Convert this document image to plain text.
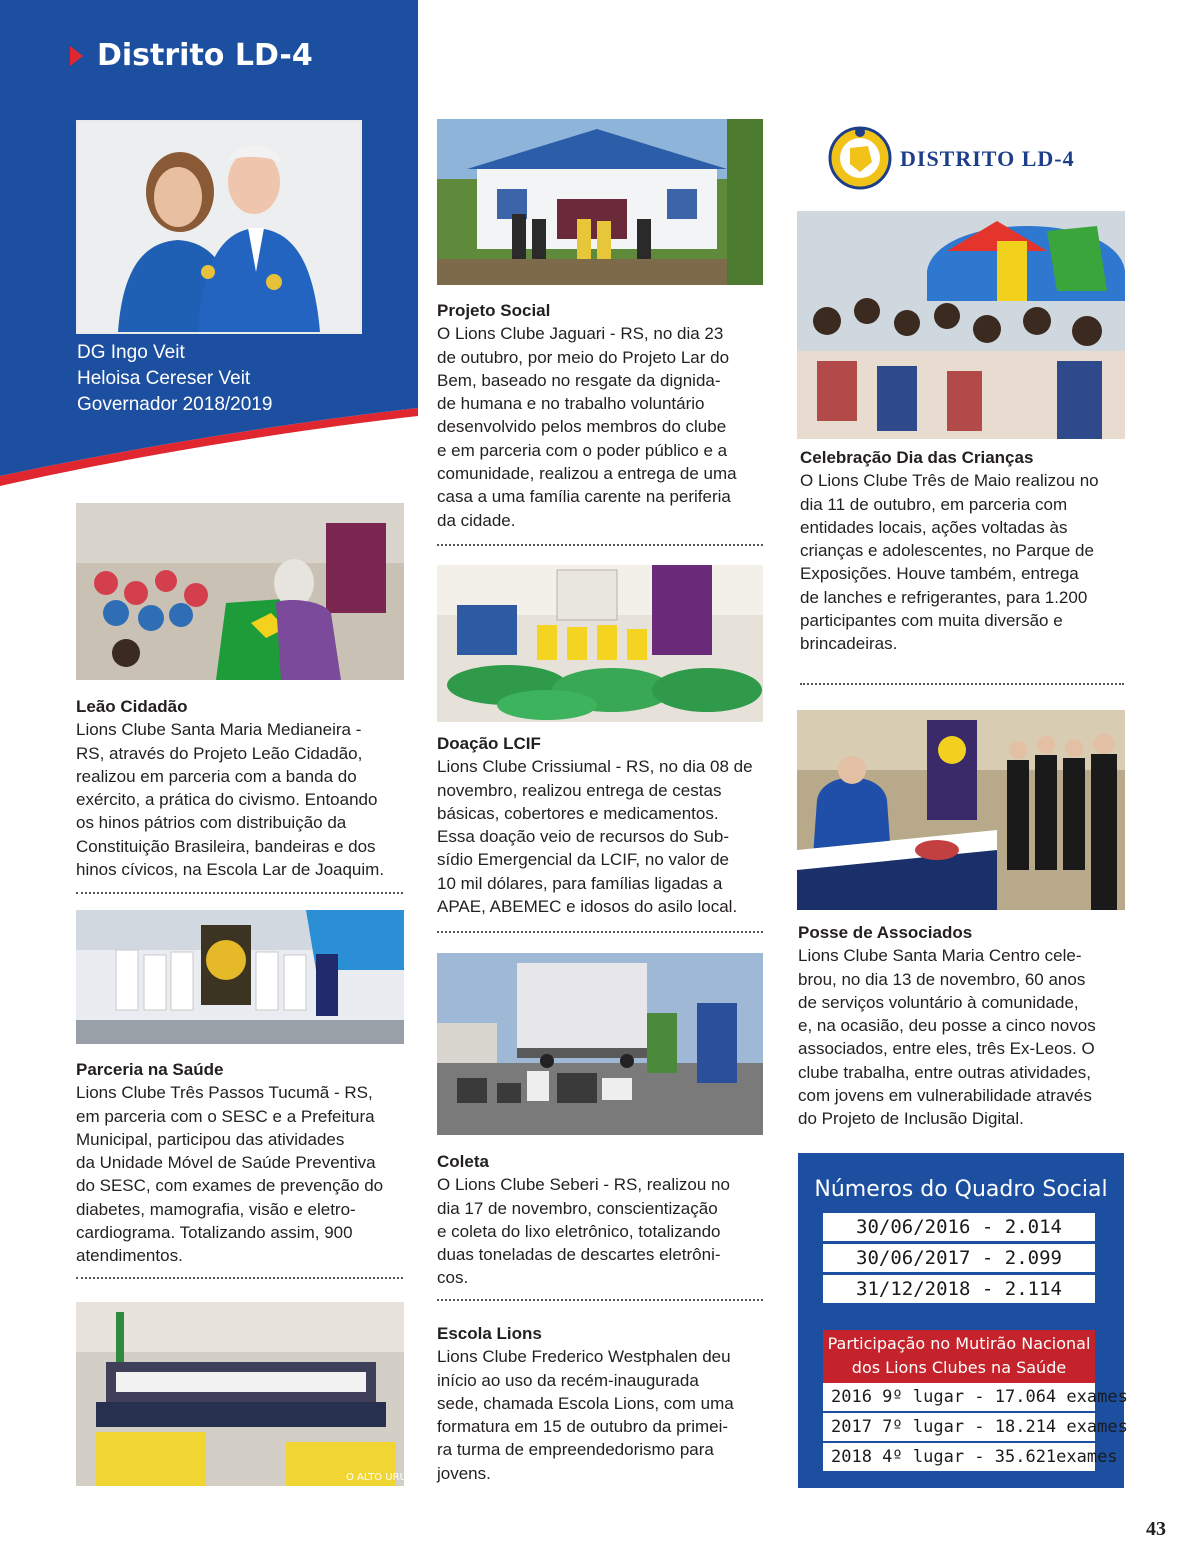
Distrito LD-4
DG Ingo Veit
Heloisa Cereser Veit
Governador 2018/2019
Leão Cidadão
Lions Clube Santa Maria Medianeira -
RS, através do Projeto Leão Cidadão,
realizou em parceria com a banda do
exército, a prática do civismo. Entoando
os hinos pátrios com distribuição da
Constituição Brasileira, bandeiras e dos
hinos cívicos, na Escola Lar de Joaquim.
Parceria na Saúde
Lions Clube Três Passos Tucumã - RS,
em parceria com o SESC e a Prefeitura
Municipal, participou das atividades
da Unidade Móvel de Saúde Preventiva
do SESC, com exames de prevenção do
diabetes, mamografia, visão e eletro-
cardiograma. Totalizando assim, 900
atendimentos.
O ALTO URUGUAI
Projeto Social
O Lions Clube Jaguari - RS, no dia 23
de outubro, por meio do Projeto Lar do
Bem, baseado no resgate da dignida-
de humana e no trabalho voluntário
desenvolvido pelos membros do clube
e em parceria com o poder público e a
comunidade, realizou a entrega de uma
casa a uma família carente na periferia
da cidade.
Doação LCIF
Lions Clube Crissiumal - RS, no dia 08 de
novembro, realizou entrega de cestas
básicas, cobertores e medicamentos.
Essa doação veio de recursos do Sub-
sídio Emergencial da LCIF, no valor de
10 mil dólares, para famílias ligadas a
APAE, ABEMEC e idosos do asilo local.
Coleta
O Lions Clube Seberi - RS, realizou no
dia 17 de novembro, conscientização
e coleta do lixo eletrônico, totalizando
duas toneladas de descartes eletrôni-
cos.
Escola Lions
Lions Clube Frederico Westphalen deu
início ao uso da recém-inaugurada
sede, chamada Escola Lions, com uma
formatura em 15 de outubro da primei-
ra turma de empreendedorismo para
jovens.
DISTRITO LD-4
Celebração Dia das Crianças
O Lions Clube Três de Maio realizou no
dia 11 de outubro, em parceria com
entidades locais, ações voltadas às
crianças e adolescentes, no Parque de
Exposições. Houve também, entrega
de lanches e refrigerantes, para 1.200
participantes com muita diversão e
brincadeiras.
Posse de Associados
Lions Clube Santa Maria Centro cele-
brou, no dia 13 de novembro, 60 anos
de serviços voluntário à comunidade,
e, na ocasião, deu posse a cinco novos
associados, entre eles, três Ex-Leos. O
clube trabalha, entre outras atividades,
com jovens em vulnerabilidade através
do Projeto de Inclusão Digital.
Números do Quadro Social
30/06/2016 - 2.014
30/06/2017 - 2.099
31/12/2018 - 2.114
Participação no Mutirão Nacional
dos Lions Clubes na Saúde
2016 9º lugar - 17.064 exames
2017 7º lugar - 18.214 exames
2018 4º lugar - 35.621exames
43
